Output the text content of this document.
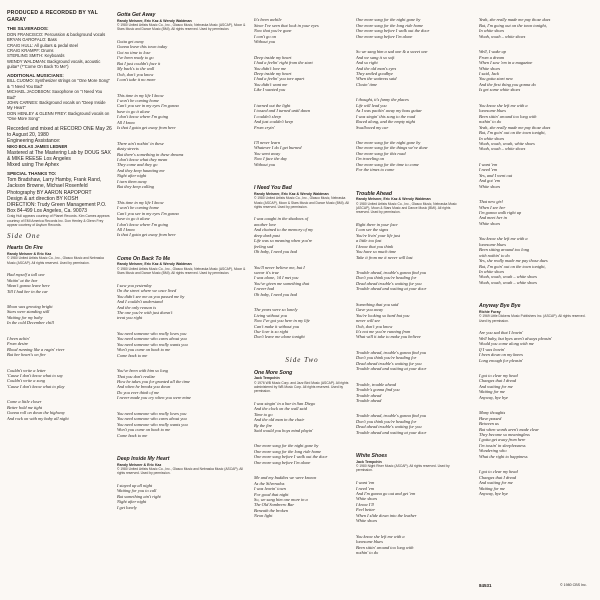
PRODUCED & RECORDED BY YAL GARAY
THE SILVERADOS:
DON FRANCISCO: Percussion & background vocals
BRYAN GAROFALO: Bass
CRAIG HULL: All guitars & pedal steel
CRAIG KRAMPF: Drums
STERLING SMITH: Keyboards
WENDY WALDMAN: Background vocals, acoustic guitar* (*"Come On Back To Me")
ADDITIONAL MUSICIANS:
BILL CUOMO: Synthesizer strings on "One More Song" & "I Need You Bad"
MICHAEL JACOBSON: Saxophone on "I Need You Bad"
JOHN CARNES: Background vocals on "Deep Inside My Heart"
DON HENLEY & GLENN FREY: Background vocals on "One More Song"
Recorded and mixed at RECORD ONE May 26 to August 20, 1980
Engineering Assistance:
NIKO BOLAS JAMES LEDNER
Mastered at The Mastering Lab by DOUG SAX & MIKE REESE Los Angeles
Mixed using The Aphex
SPECIAL THANKS TO:
Tom Bradshaw, Larry Hamby, Frank Rand, Jackson Browne, Michael Rosenfeld
Photography BY AARON RAPOPORT
Design & art direction BY KOSH
DIRECTION: Trudy Green Management P.O. Box 84-499 Los Angeles, Ca. 90073
Craig Hull appears courtesy of Planet Records. Kim Carnes appears courtesy of EMI America Records Inc. Don Henley & Glenn Frey appear courtesy of Asylum Records.
Side One
Hearts On Fire
Randy Meisner & Eric Kaz
© 1980 United Artists Music Co., Inc., Glasco Music and Nebraska Music (ASCAP). All rights reserved. Used by permission.

Had myself a tall one
Waitin' at the bar
Wasn't gonna leave here
Till I had her in the car

Moon was growing bright
Stars were standing still
Waiting for my baby
In the cold December chill

I been achin'
From desire
Blood running like a ragin' river
But her heart's on fire

Couldn't write a letter
'Cause I don't know what to say
Couldn't write a song
'Cause I don't know what to play

Come a little closer
Better hold me tight
Gonna roll on down the highway
And rock on with my baby all night

Gotta Get Away
Randy Meisner, Eric Kaz & Wendy Waldman
© 1980 United Artists Music Co., Inc., Glasco Music, Nebraska Music (ASCAP), Moon & Stars Music and Dance Music (BMI). All rights reserved. Used by permission.

Gotta get away
Gonna leave this town today
Got no time to lose
I've been ready to go
But I just couldn't face it
My back's to the wall
Ooh, don't you know
I can't take it no more

This time in my life I know
I won't be coming home
Can't you see in my eyes I'm gonna
have to go it alone
I don't know where I'm going
All I know
Is that I gotta get away from here

There ain't nothin' in these
dusty streets
But there's something in these dreams
I don't know what they mean
They come and they go
And they keep haunting me
Night after night
I turn them away
But they keep calling

This time in my life I know
I won't be coming home
Can't you see in my eyes I'm gonna
have to go it alone
I don't know where I'm going
All I know
Is that I gotta get away from here

Come On Back To Me
Randy Meisner, Eric Kaz & Wendy Waldman
© 1980 United Artists Music Co., Inc., Glasco Music, Nebraska Music (ASCAP), Moon & Stars Music and Dance Music (BMI). All rights reserved. Used by permission.

I saw you yesterday
On the street where we once lived
You didn't see me as you passed me by
And I couldn't understand
And the only reason is
The one you're with just doesn't
treat you right

You need someone who really loves you
You need someone who cares about you
You need someone who really wants you
Won't you come on back to me
Come back to me

You've been with him so long
That you don't realize
How he takes you for granted all the time
And when he breaks you down
Do you ever think of me
I never made you cry when you were mine

You need someone who really loves you
You need someone who cares about you
You need someone who really wants you
Won't you come on back to me
Come back to me

Deep Inside My Heart
Randy Meisner & Eric Kaz
© 1980 United Artists Music Co., Inc., Glasco Music and Nebraska Music (ASCAP). All rights reserved. Used by permission.

I stayed up all night
Waiting for you to call
But something ain't right
Night after night
I get lonely

It's been awhile
Since I've seen that look in your eyes
Now that you're gone
I can't go on
Without you

Deep inside my heart
I had a feelin' right from the start
You didn't love me
Deep inside my heart
I had a feelin' you tore apart
You didn't want me
Like I wanted you

I turned out the light
I tossed and I turned until dawn
I couldn't sleep
And just couldn't keep
From cryin'

I'll never learn
Whatever I do I get burned
You went away
Now I face the day
Without you

I Need You Bad
Randy Meisner, Eric Kaz & Wendy Waldman
© 1980 United Artists Music Co., Inc., Glasco Music, Nebraska Music (ASCAP), Moon & Stars Music and Dance Music (BMI). All rights reserved. Used by permission.

I was caught in the shadows of
another love
And chained to the memory of my
deep dark past
Life was so meaning when you're
feeling sad
Oh baby, I need you bad

You'll never believe me, but I
swear it's true
I was alone, 'til I met you
You've given me something that
I never had
Oh baby, I need you bad

The years were so lonely
Living without you
Now I've got you here in my life
Can't make it without you
Our love is so right
Don't leave me alone tonight

Side Two
One More Song
Jack Tempchin
© 1976 WB Music Corp. and Jazz Bird Music (ASCAP). All rights administered by WB Music Corp. All rights reserved. Used by permission.

I was singin' in a bar in San Diego
And the clock on the wall said
Time to go
And the old man in the chair
By the fire
Said would you boys mind playin'

One more song for the night gone by
One more song for the long ride home
One more song before I walk out the door
One more song before I'm alone

Me and my buddies we were known
As the Silverados
I was leavin' town
For good that night
So, we sang him one more in a
The Old Sombrero Bar
Beneath the broken
Neon light

One more song for the night gone by
One more song for the long ride home
One more song before I walk out the door
One more song before I'm alone

So we sang him a sad one & a sweet one
And we sang it so soft
And so right
And the old man's eyes
They smiled goodbye
When the waitress said
Closin' time

I thought, it's funny the places
Life will lead you
As I was packin' away my bass guitar
I was singin' this song to the road
Raced along, and the empty night
Swallowed my car

One more song for the night gone by
One more song for the things we've done
One more song for this road
I'm traveling on
One more song for the time to come
For the times to come

Trouble Ahead
Randy Meisner, Eric Kaz & Wendy Waldman
© 1980 United Artists Music Co., Inc., Glasco Music, Nebraska Music (ASCAP), Moon & Stars Music and Dance Music (BMI). All rights reserved. Used by permission.

Right there in your face
I can see the signs
You're livin' your life just
a little too fast
I know that you think
You have so much time
Take it from me it never will last

Trouble ahead, trouble's gonna find you
Don't you think you're heading for
Dead ahead trouble's waiting for you
Trouble ahead and waiting at your door

Something that you said
Gave you away
You're looking so hard but you
never will see
Ooh, don't you know
It's not me you're running from
What will it take to make you believe

Trouble ahead, trouble's gonna find you
Don't you think you're heading for
Dead ahead trouble's waiting for you
Trouble ahead and waiting at your door

Trouble, trouble ahead
Trouble's gonna find you
Trouble ahead
Trouble ahead

Trouble ahead, trouble's gonna find you
Don't you think you're heading for
Dead ahead trouble's waiting for you
Trouble ahead and waiting at your door

White Shoes
Jack Tempchin
© 1980 Night River Music (ASCAP). All rights reserved. Used by permission.

I want 'em
I need 'em
And I'm gonna go out and get 'em
White shoes
I know I'll
Feel better
When I slide down into the leather
White shoes

You know she left me with a
lonesome blues
Been sittin' around too long with
nothin' to do

Yeah, she really made me pay those dues
But, I'm going out on the town tonight,
In white shoes
Woah, woah – white shoes

Well, I wake up
From a dream
When I saw 'em in a magazine
White shoes
I said, Jack
You gotta start new
And the first thing you gonna do
Is get some white shoes

You know she left me with a
lonesome blues
Been sittin' around too long with
nothin' to do
Yeah, she really made me pay those dues
But, I'm goin' out on the town tonight,
In white shoes
Woah, woah, woah, white shoes
Woah, woah – white shoes

I want 'em
I need 'em
Yes, and I went out
And got 'em
White shoes

That new girl
When I see her
I'm gonna walk right up
And meet her in
White shoes

You know she left me with a
lonesome blues
Been sitting around too long
with nothin' to do
Yes, she really made me pay those dues
But, I'm goin' out on the town tonight,
In white shoes
Woah, woah, woah – white shoes
Woah, woah, woah – white shoes

Anyway Bye Bye
Richie Furay
© 1969 Little Dickens Music Publishers Inc. (ASCAP). All rights reserved. Used by permission.

Are you sad that I leavin'
Well baby, but byes aren't always pleasin'
Would you come along with me
If I was leavin'
I been down on my knees
Long enough for pleasin'

I got to clear my head
Changes that I dread
And waiting for me
Waiting for me
Anyway, bye bye

Many thoughts
Have passed
Between us
But when words aren't made clear
They become so meaningless
I gotta get away from here
I'm tossin' in sleeplessness
Wondering who
What the right to happiness

I got to clear my head
Changes that I dread
And waiting for me
Waiting for me
Anyway, bye bye

84531	© 1980 CBS Inc.
